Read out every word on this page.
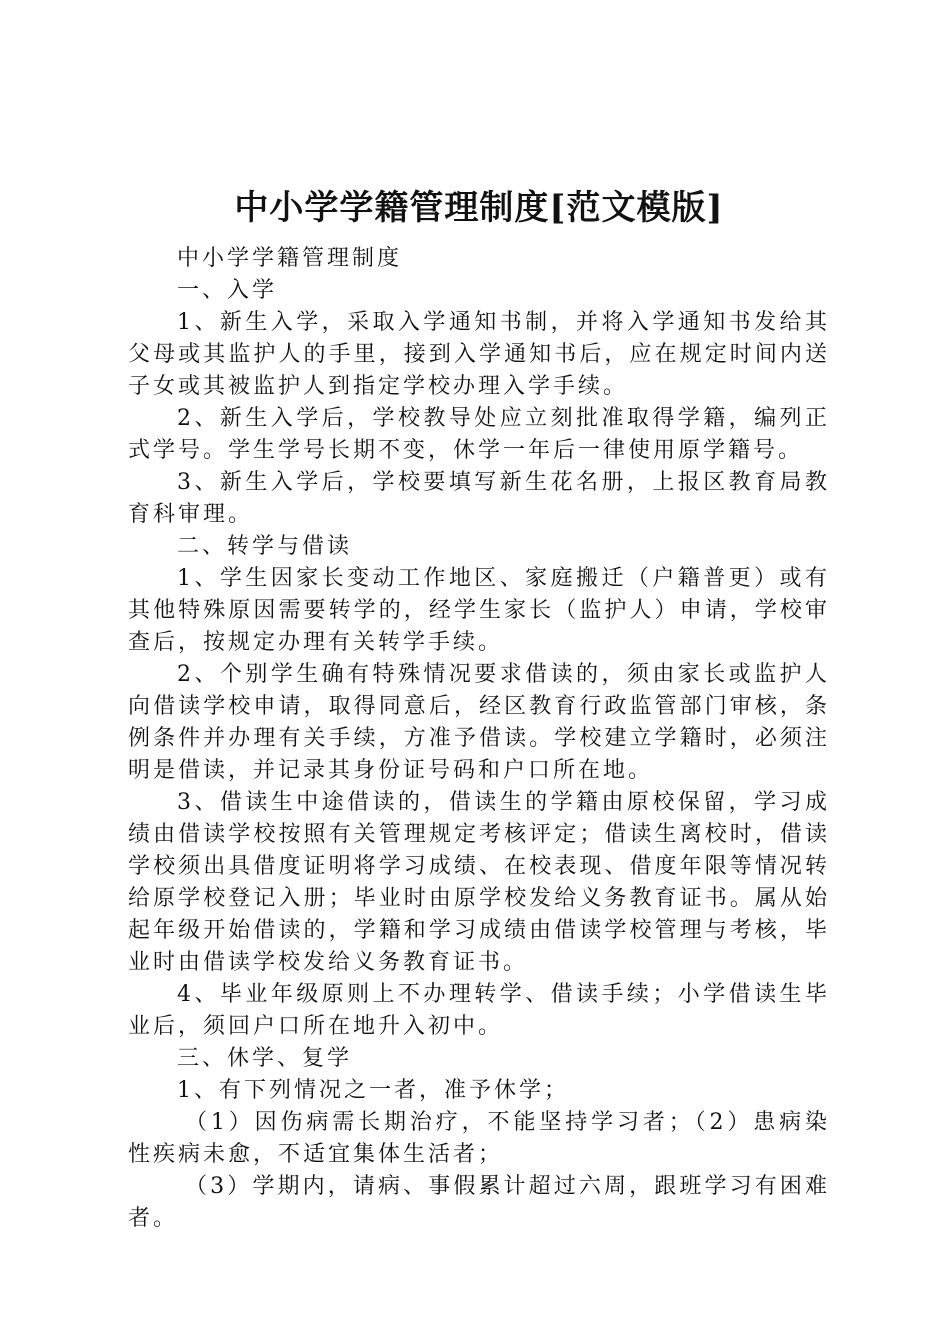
中小学学籍管理制度[范文模版]

中小学学籍管理制度

一、入学

1、新生入学，采取入学通知书制，并将入学通知书发给其父母或其监护人的手里，接到入学通知书后，应在规定时间内送子女或其被监护人到指定学校办理入学手续。

2、新生入学后，学校教导处应立刻批准取得学籍，编列正式学号。学生学号长期不变，休学一年后一律使用原学籍号。

3、新生入学后，学校要填写新生花名册，上报区教育局教育科审理。

二、转学与借读

1、学生因家长变动工作地区、家庭搬迁（户籍普更）或有其他特殊原因需要转学的，经学生家长（监护人）申请，学校审查后，按规定办理有关转学手续。

2、个别学生确有特殊情况要求借读的，须由家长或监护人向借读学校申请，取得同意后，经区教育行政监管部门审核，条例条件并办理有关手续，方准予借读。学校建立学籍时，必须注明是借读，并记录其身份证号码和户口所在地。

3、借读生中途借读的，借读生的学籍由原校保留，学习成绩由借读学校按照有关管理规定考核评定；借读生离校时，借读学校须出具借度证明将学习成绩、在校表现、借度年限等情况转给原学校登记入册；毕业时由原学校发给义务教育证书。属从始起年级开始借读的，学籍和学习成绩由借读学校管理与考核，毕业时由借读学校发给义务教育证书。

4、毕业年级原则上不办理转学、借读手续；小学借读生毕业后，须回户口所在地升入初中。

三、休学、复学

1、有下列情况之一者，准予休学；

（1）因伤病需长期治疗，不能坚持学习者；（2）患病染性疾病未愈，不适宜集体生活者；

（3）学期内，请病、事假累计超过六周，跟班学习有困难者。
